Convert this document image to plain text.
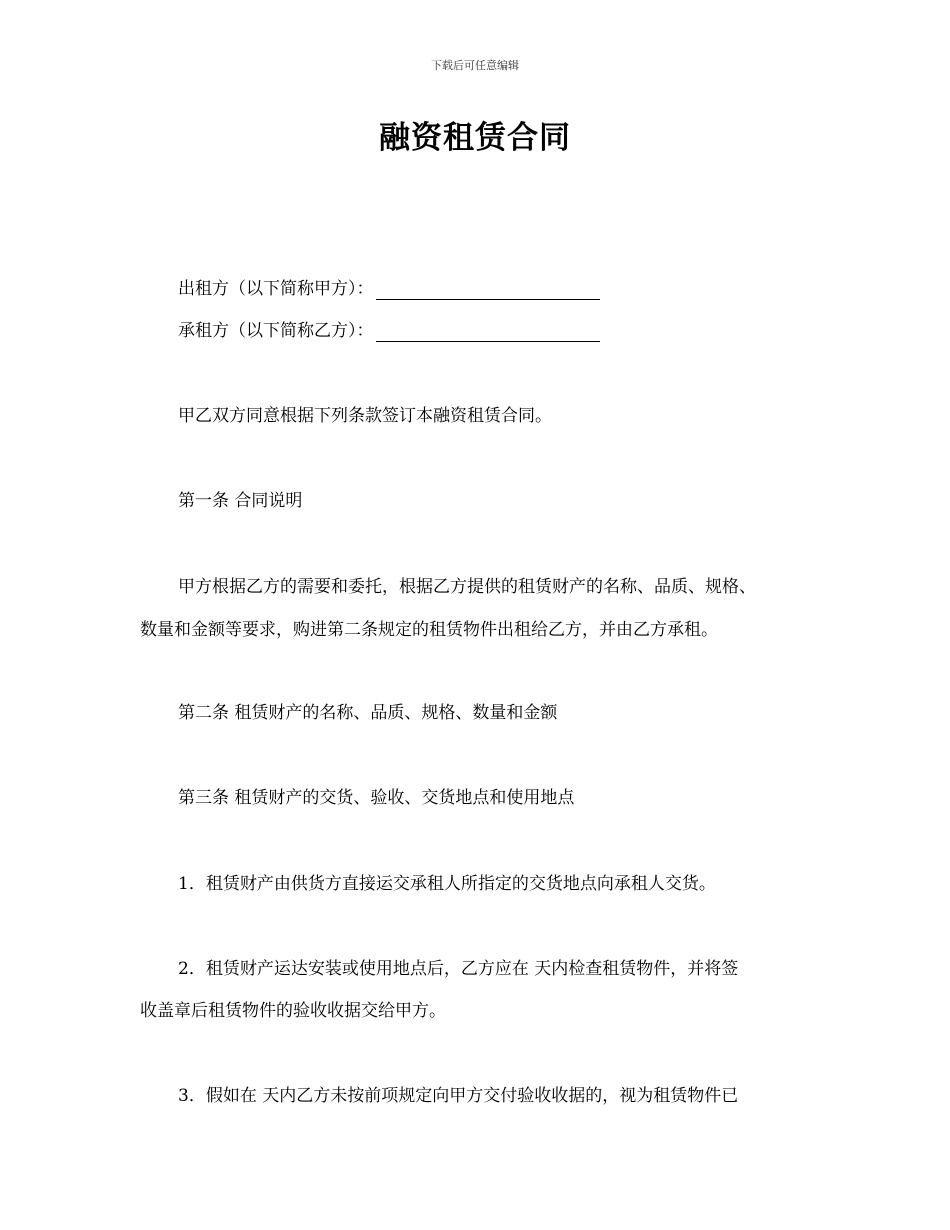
下载后可任意编辑
融资租赁合同
出租方（以下简称甲方）：
承租方（以下简称乙方）：
甲乙双方同意根据下列条款签订本融资租赁合同。
第一条 合同说明
甲方根据乙方的需要和委托，根据乙方提供的租赁财产的名称、品质、规格、
数量和金额等要求，购进第二条规定的租赁物件出租给乙方，并由乙方承租。
第二条 租赁财产的名称、品质、规格、数量和金额
第三条 租赁财产的交货、验收、交货地点和使用地点
1．租赁财产由供货方直接运交承租人所指定的交货地点向承租人交货。
2．租赁财产运达安装或使用地点后，乙方应在 天内检查租赁物件，并将签
收盖章后租赁物件的验收收据交给甲方。
3．假如在 天内乙方未按前项规定向甲方交付验收收据的，视为租赁物件已
